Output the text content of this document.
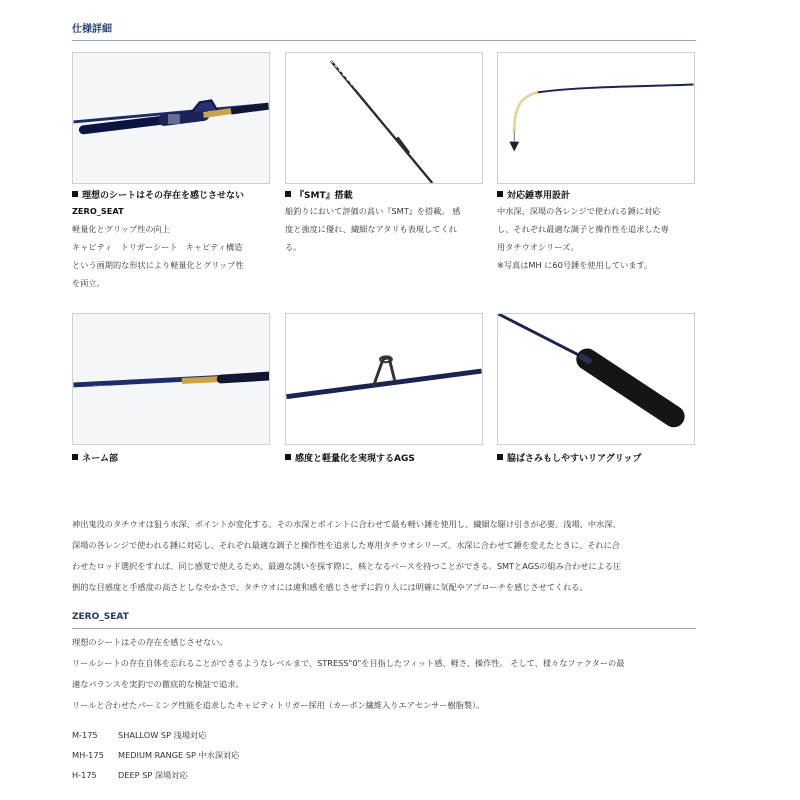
仕様詳細
理想のシートはその存在を感じさせない
ZERO_SEAT
軽量化とグリップ性の向上
キャビティ　トリガーシート　キャビティ構造
という画期的な形状により軽量化とグリップ性
を両立。
『SMT』搭載
船釣りにおいて評価の高い『SMT』を搭載。 感
度と強度に優れ、繊細なアタリも表現してくれ
る。
対応錘専用設計
中水深、深場の各レンジで使われる錘に対応
し、それぞれ最適な調子と操作性を追求した専
用タチウオシリーズ。
※写真はMH に60号錘を使用しています。
— — — —
ネーム部	感度と軽量化を実現するAGS	脇ばさみもしやすいリアグリップ
神出鬼没のタチウオは狙う水深、ポイントが変化する。その水深とポイントに合わせて最も軽い錘を使用し、繊細な駆け引きが必要。浅場、中水深、
深場の各レンジで使われる錘に対応し、それぞれ最適な調子と操作性を追求した専用タチウオシリーズ。水深に合わせて錘を変えたときに、それに合
わせたロッド選択をすれば、同じ感覚で使えるため、最適な誘いを探す際に、核となるベースを持つことができる。SMTとAGSの組み合わせによる圧
倒的な目感度と手感度の高さとしなやかさで、タチウオには違和感を感じさせずに釣り人には明確に気配やアプローチを感じさせてくれる。
ZERO_SEAT
理想のシートはその存在を感じさせない。
リールシートの存在自体を忘れることができるようなレベルまで、STRESS"0"を目指したフィット感、軽さ、操作性。 そして、様々なファクターの最
適なバランスを実釣での徹底的な検証で追求。
リールと合わせたパーミング性能を追求したキャビティトリガー採用（カーボン繊維入りエアセンサー樹脂製）。
M-175 SHALLOW SP 浅場対応
MH-175 MEDIUM RANGE SP 中水深対応
H-175	DEEP SP 深場対応
